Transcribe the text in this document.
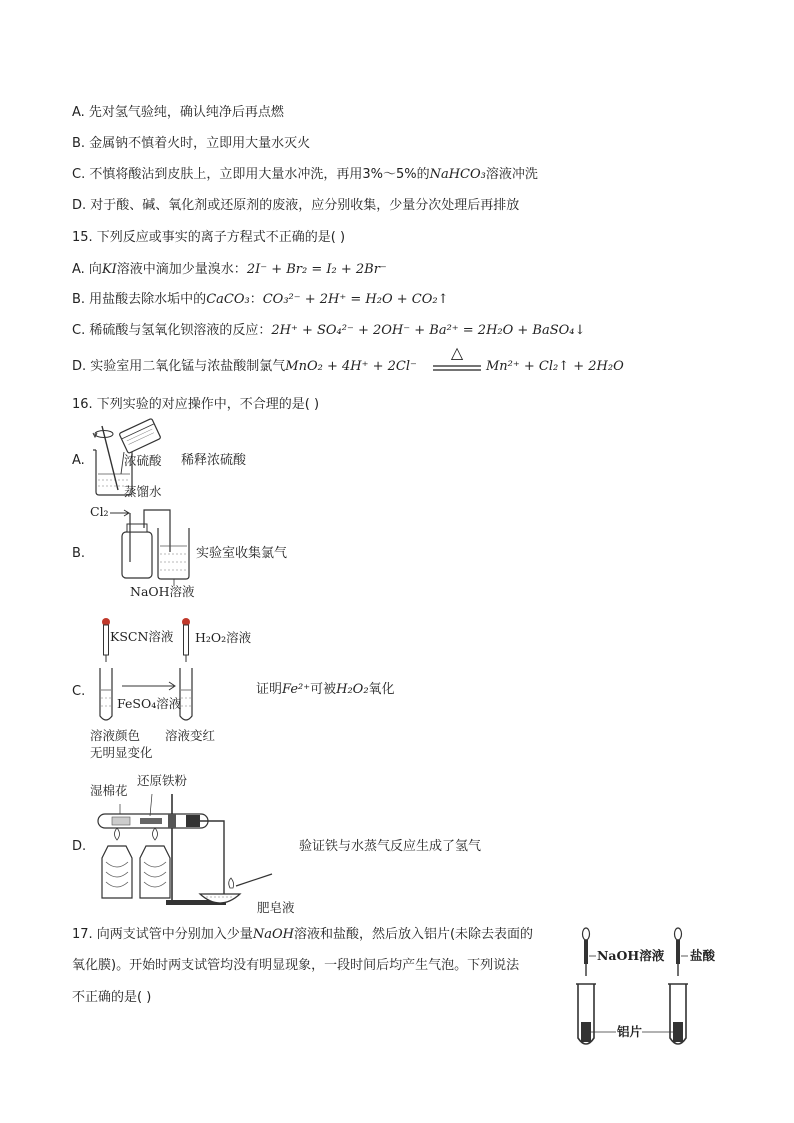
A. 先对氢气验纯，确认纯净后再点燃
B. 金属钠不慎着火时，立即用大量水灭火
C. 不慎将酸沾到皮肤上，立即用大量水冲洗，再用3%～5%的NaHCO₃溶液冲洗
D. 对于酸、碱、氧化剂或还原剂的废液，应分别收集，少量分次处理后再排放
15. 下列反应或事实的离子方程式不正确的是( )
A. 向KI溶液中滴加少量溴水：2I⁻ + Br₂ = I₂ + 2Br⁻
B. 用盐酸去除水垢中的CaCO₃：CO₃²⁻ + 2H⁺ = H₂O + CO₂↑
C. 稀硫酸与氢氧化钡溶液的反应：2H⁺ + SO₄²⁻ + 2OH⁻ + Ba²⁺ = 2H₂O + BaSO₄↓
D. 实验室用二氧化锰与浓盐酸制氯气MnO₂ + 4H⁺ + 2Cl⁻
△
Mn²⁺ + Cl₂↑ + 2H₂O
16. 下列实验的对应操作中，不合理的是( )
A.	浓硫酸 稀释浓硫酸
蒸馏水
B.
Cl₂
实验室收集氯气
NaOH溶液
C.
KSCN溶液 H₂O₂溶液
FeSO₄溶液
溶液颜色
无明显变化
溶液变红
证明Fe²⁺可被H₂O₂氧化
D.
湿棉花
还原铁粉
肥皂液
验证铁与水蒸气反应生成了氢气
17. 向两支试管中分别加入少量NaOH溶液和盐酸，然后放入铝片(未除去表面的
氧化膜)。开始时两支试管均没有明显现象，一段时间后均产生气泡。下列说法
不正确的是( )
NaOH溶液 盐酸
铝片
